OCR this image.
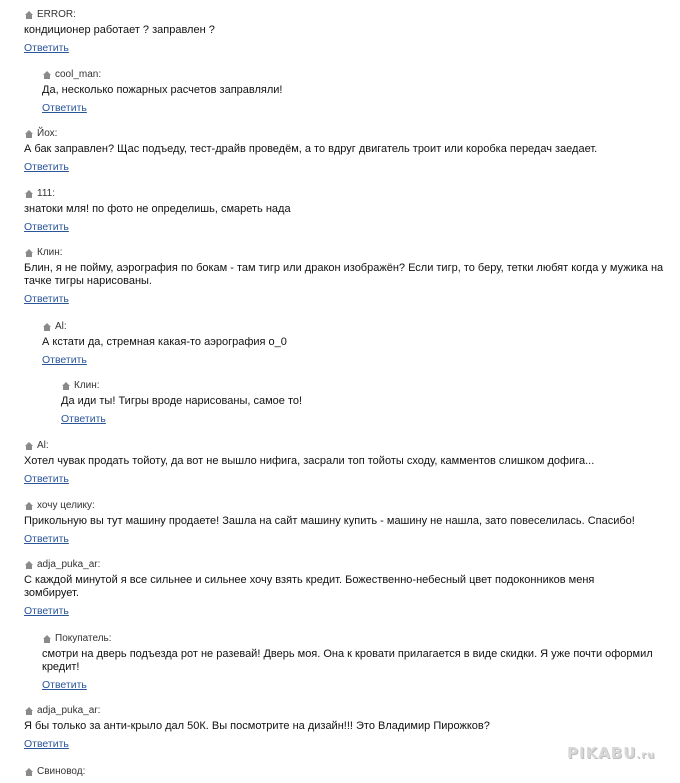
ERROR:
кондиционер работает ? заправлен ?
Ответить
cool_man:
Да, несколько пожарных расчетов заправляли!
Ответить
Йох:
А бак заправлен? Щас подъеду, тест-драйв проведём, а то вдруг двигатель троит или коробка передач заедает.
Ответить
111:
знатоки мля! по фото не определишь, смареть нада
Ответить
Клин:
Блин, я не пойму, аэрография по бокам - там тигр или дракон изображён? Если тигр, то беру, тетки любят когда у мужика на тачке тигры нарисованы.
Ответить
Al:
А кстати да, стремная какая-то аэрография о_0
Ответить
Клин:
Да иди ты! Тигры вроде нарисованы, самое то!
Ответить
Al:
Хотел чувак продать тойоту, да вот не вышло нифига, засрали топ тойоты сходу, камментов слишком дофига...
Ответить
хочу целику:
Прикольную вы тут машину продаете! Зашла на сайт машину купить - машину не нашла, зато повеселилась. Спасибо!
Ответить
adja_puka_ar:
С каждой минутой я все сильнее и сильнее хочу взять кредит. Божественно-небесный цвет подоконников меня зомбирует.
Ответить
Покупатель:
смотри на дверь подъезда рот не разевай! Дверь моя. Она к кровати прилагается в виде скидки. Я уже почти оформил кредит!
Ответить
adja_puka_ar:
Я бы только за анти-крыло дал 50К. Вы посмотрите на дизайн!!! Это Владимир Пирожков?
Ответить
Свиновод:
PIKABU.ru
